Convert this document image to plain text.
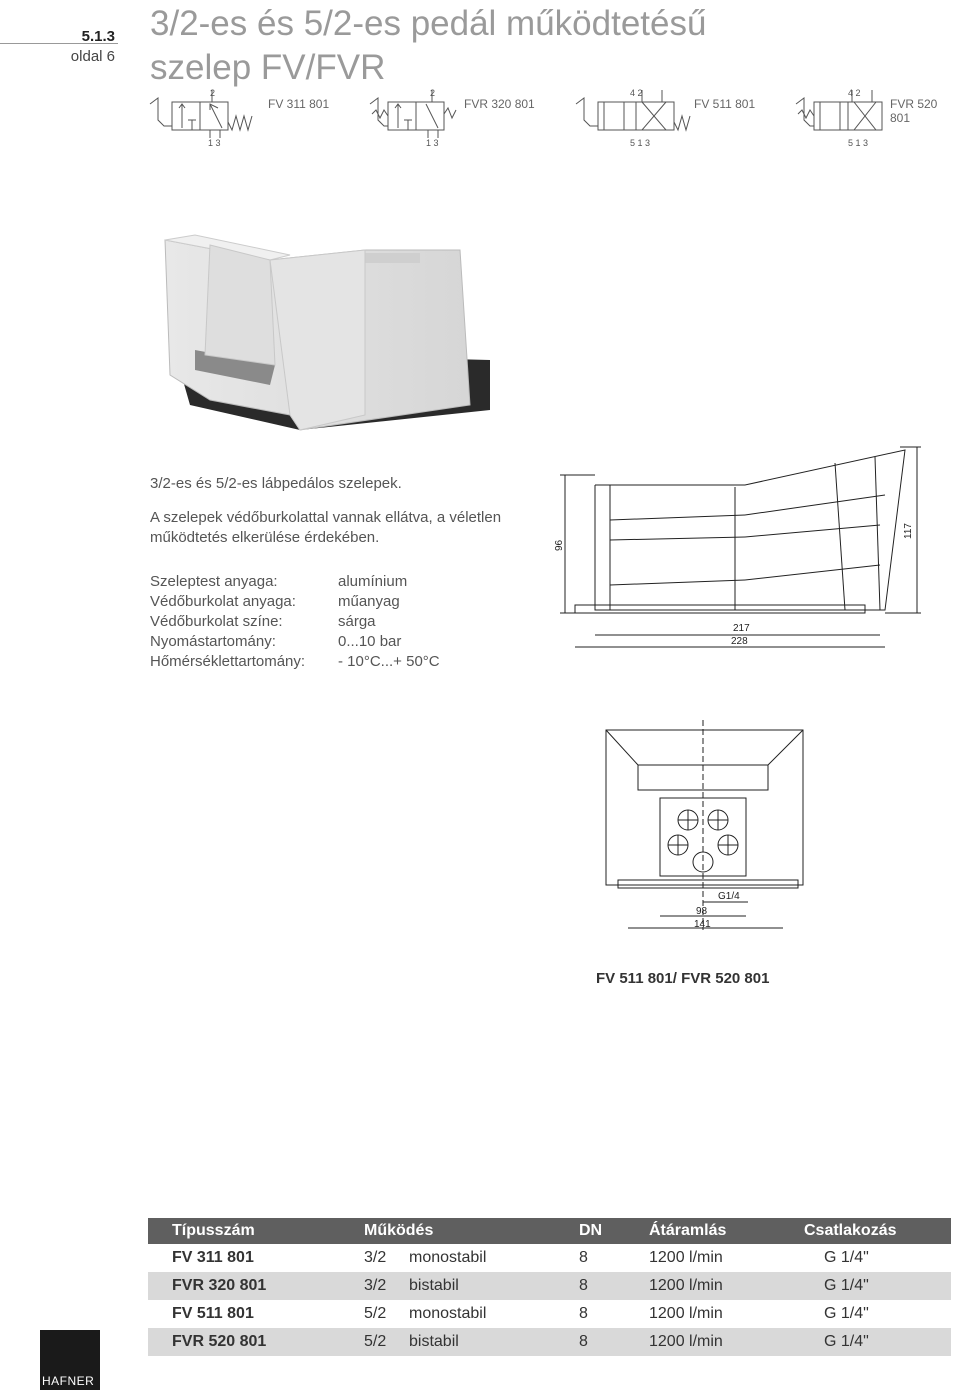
5.1.3
oldal 6
3/2-es és 5/2-es pedál működtetésű
szelep FV/FVR
2
1 3
FV 311 801
2
1 3
FVR 320 801
4 2
5 1 3
FV 511 801
4 2
5 1 3
FVR 520 801

3/2-es és 5/2-es lábpedálos szelepek.

A szelepek védőburkolattal vannak ellátva, a véletlen működtetés elkerülése érdekében.

Szeleptest anyaga:	alumínium
Védőburkolat anyaga:	műanyag
Védőburkolat színe:	sárga
Nyomástartomány:	0...10 bar
Hőmérséklettartomány:	- 10°C...+ 50°C
96
117
217
228
G1/4
98
141
FV 511 801/ FVR 520 801
Típusszám	Működés		DN	Átáramlás	Csatlakozás
FV 311 801	3/2	monostabil	8	1200 l/min	G 1/4"
FVR 320 801	3/2	bistabil	8	1200 l/min	G 1/4"
FV 511 801	5/2	monostabil	8	1200 l/min	G 1/4"
FVR 520 801	5/2	bistabil	8	1200 l/min	G 1/4"
HAFNER
